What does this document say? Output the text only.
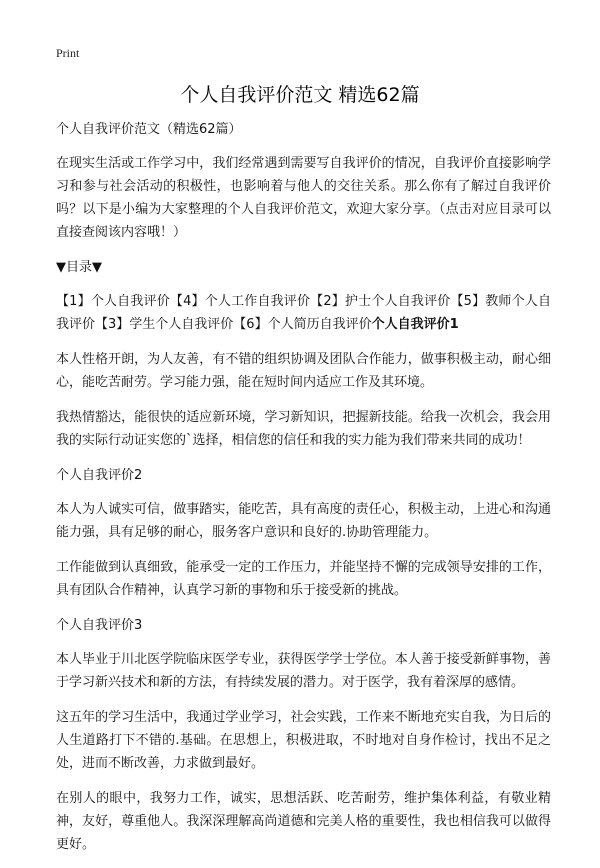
Print
个人自我评价范文 精选62篇

个人自我评价范文（精选62篇）

在现实生活或工作学习中，我们经常遇到需要写自我评价的情况，自我评价直接影响学习和参与社会活动的积极性，也影响着与他人的交往关系。那么你有了解过自我评价吗？以下是小编为大家整理的个人自我评价范文，欢迎大家分享。（点击对应目录可以直接查阅该内容哦！）

▼目录▼

【1】个人自我评价【4】个人工作自我评价【2】护士个人自我评价【5】教师个人自我评价【3】学生个人自我评价【6】个人简历自我评价个人自我评价1

本人性格开朗，为人友善，有不错的组织协调及团队合作能力，做事积极主动，耐心细心，能吃苦耐劳。学习能力强，能在短时间内适应工作及其环境。

我热情豁达，能很快的适应新环境，学习新知识，把握新技能。给我一次机会，我会用我的实际行动证实您的`选择，相信您的信任和我的实力能为我们带来共同的成功！

个人自我评价2

本人为人诚实可信，做事踏实，能吃苦，具有高度的责任心，积极主动，上进心和沟通能力强，具有足够的耐心，服务客户意识和良好的.协助管理能力。

工作能做到认真细致，能承受一定的工作压力，并能坚持不懈的完成领导安排的工作，具有团队合作精神，认真学习新的事物和乐于接受新的挑战。

个人自我评价3

本人毕业于川北医学院临床医学专业，获得医学学士学位。本人善于接受新鲜事物，善于学习新兴技术和新的方法，有持续发展的潜力。对于医学，我有着深厚的感情。

这五年的学习生活中，我通过学业学习，社会实践，工作来不断地充实自我，为日后的人生道路打下不错的.基础。在思想上，积极进取，不时地对自身作检讨，找出不足之处，进而不断改善，力求做到最好。

在别人的眼中，我努力工作，诚实，思想活跃、吃苦耐劳，维护集体利益，有敬业精神，友好，尊重他人。我深深理解高尚道德和完美人格的重要性，我也相信我可以做得更好。
